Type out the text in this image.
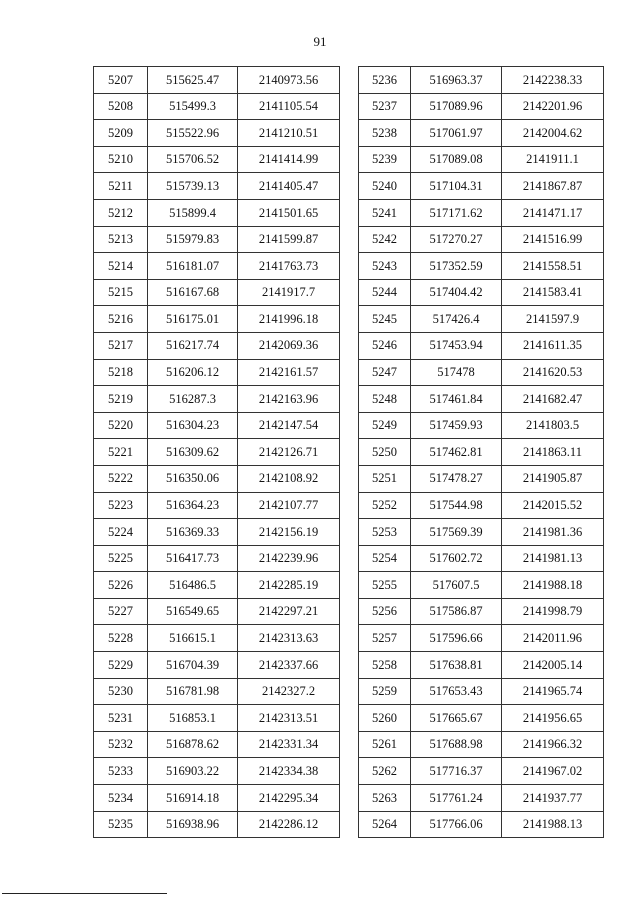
91
5207	515625.47	2140973.56
5208	515499.3	2141105.54
5209	515522.96	2141210.51
5210	515706.52	2141414.99
5211	515739.13	2141405.47
5212	515899.4	2141501.65
5213	515979.83	2141599.87
5214	516181.07	2141763.73
5215	516167.68	2141917.7
5216	516175.01	2141996.18
5217	516217.74	2142069.36
5218	516206.12	2142161.57
5219	516287.3	2142163.96
5220	516304.23	2142147.54
5221	516309.62	2142126.71
5222	516350.06	2142108.92
5223	516364.23	2142107.77
5224	516369.33	2142156.19
5225	516417.73	2142239.96
5226	516486.5	2142285.19
5227	516549.65	2142297.21
5228	516615.1	2142313.63
5229	516704.39	2142337.66
5230	516781.98	2142327.2
5231	516853.1	2142313.51
5232	516878.62	2142331.34
5233	516903.22	2142334.38
5234	516914.18	2142295.34
5235	516938.96	2142286.12
5236	516963.37	2142238.33
5237	517089.96	2142201.96
5238	517061.97	2142004.62
5239	517089.08	2141911.1
5240	517104.31	2141867.87
5241	517171.62	2141471.17
5242	517270.27	2141516.99
5243	517352.59	2141558.51
5244	517404.42	2141583.41
5245	517426.4	2141597.9
5246	517453.94	2141611.35
5247	517478	2141620.53
5248	517461.84	2141682.47
5249	517459.93	2141803.5
5250	517462.81	2141863.11
5251	517478.27	2141905.87
5252	517544.98	2142015.52
5253	517569.39	2141981.36
5254	517602.72	2141981.13
5255	517607.5	2141988.18
5256	517586.87	2141998.79
5257	517596.66	2142011.96
5258	517638.81	2142005.14
5259	517653.43	2141965.74
5260	517665.67	2141956.65
5261	517688.98	2141966.32
5262	517716.37	2141967.02
5263	517761.24	2141937.77
5264	517766.06	2141988.13
